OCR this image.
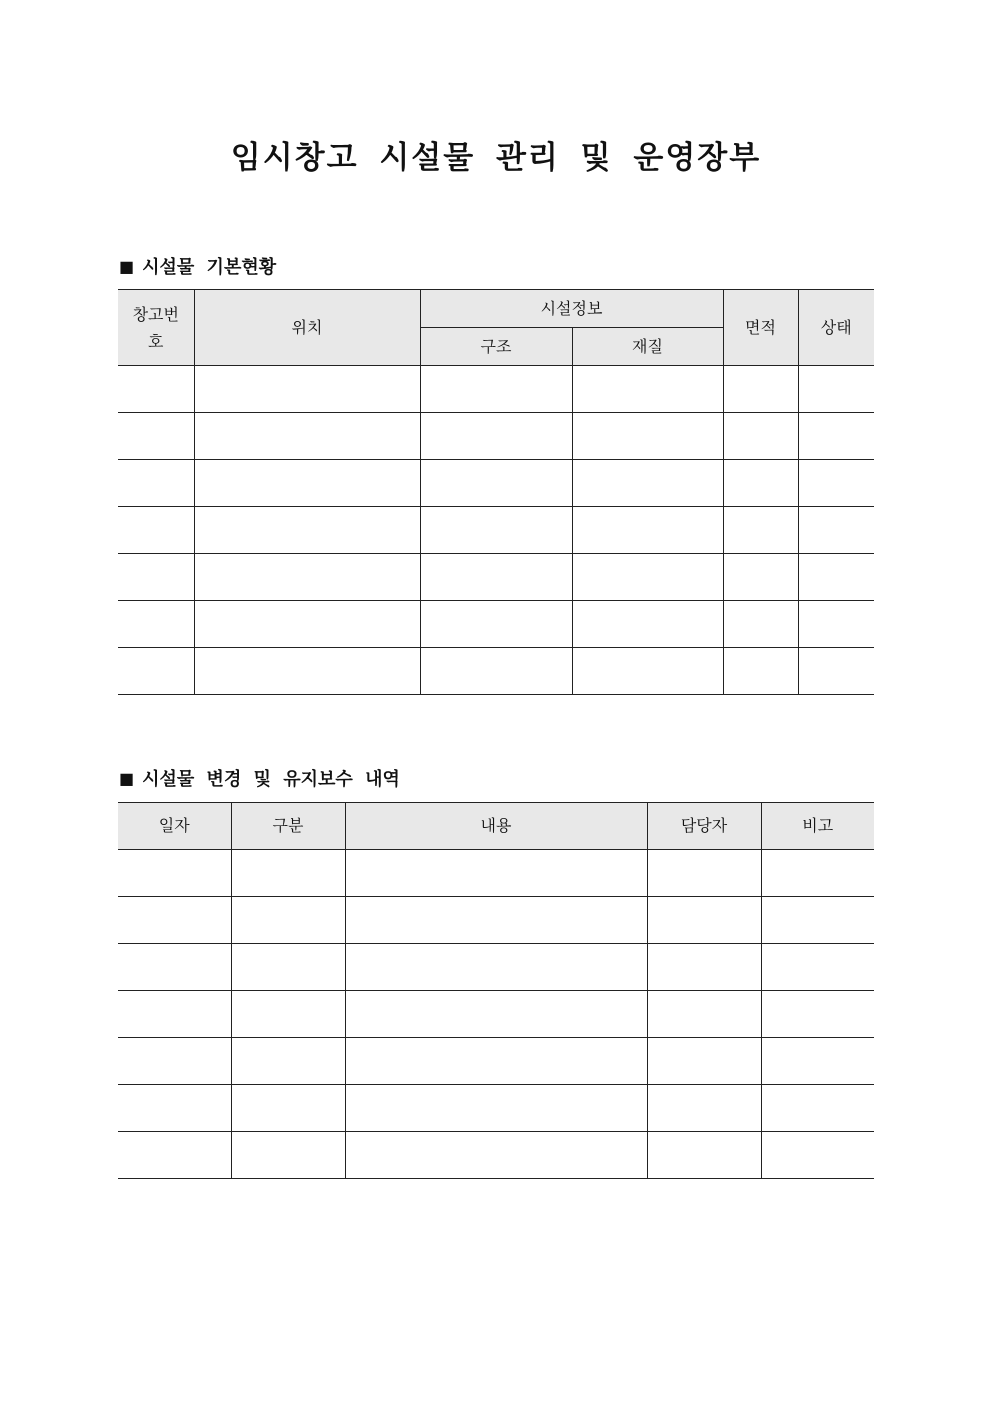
임시창고 시설물 관리 및 운영장부
■ 시설물 기본현황
창고번
호	위치	시설정보		면적	상태
		구조	재질		

■ 시설물 변경 및 유지보수 내역
일자	구분	내용	담당자	비고
